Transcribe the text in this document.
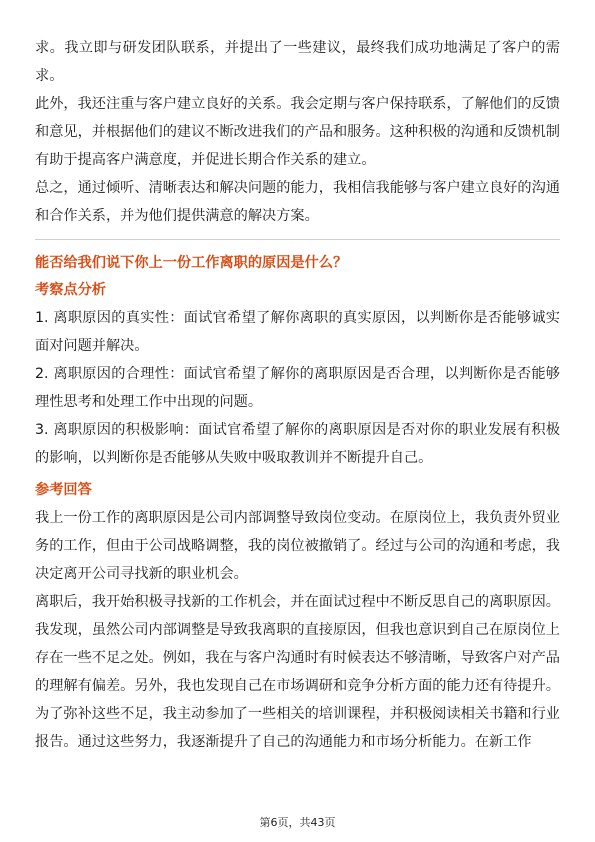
求。我立即与研发团队联系，并提出了一些建议，最终我们成功地满足了客户的需求。

此外，我还注重与客户建立良好的关系。我会定期与客户保持联系，了解他们的反馈和意见，并根据他们的建议不断改进我们的产品和服务。这种积极的沟通和反馈机制有助于提高客户满意度，并促进长期合作关系的建立。

总之，通过倾听、清晰表达和解决问题的能力，我相信我能够与客户建立良好的沟通和合作关系，并为他们提供满意的解决方案。

能否给我们说下你上一份工作离职的原因是什么？

考察点分析

1. 离职原因的真实性：面试官希望了解你离职的真实原因，以判断你是否能够诚实面对问题并解决。

2. 离职原因的合理性：面试官希望了解你的离职原因是否合理，以判断你是否能够理性思考和处理工作中出现的问题。

3. 离职原因的积极影响：面试官希望了解你的离职原因是否对你的职业发展有积极的影响，以判断你是否能够从失败中吸取教训并不断提升自己。

参考回答

我上一份工作的离职原因是公司内部调整导致岗位变动。在原岗位上，我负责外贸业务的工作，但由于公司战略调整，我的岗位被撤销了。经过与公司的沟通和考虑，我决定离开公司寻找新的职业机会。

离职后，我开始积极寻找新的工作机会，并在面试过程中不断反思自己的离职原因。我发现，虽然公司内部调整是导致我离职的直接原因，但我也意识到自己在原岗位上存在一些不足之处。例如，我在与客户沟通时有时候表达不够清晰，导致客户对产品的理解有偏差。另外，我也发现自己在市场调研和竞争分析方面的能力还有待提升。

为了弥补这些不足，我主动参加了一些相关的培训课程，并积极阅读相关书籍和行业报告。通过这些努力，我逐渐提升了自己的沟通能力和市场分析能力。在新工作

第6页，共43页
